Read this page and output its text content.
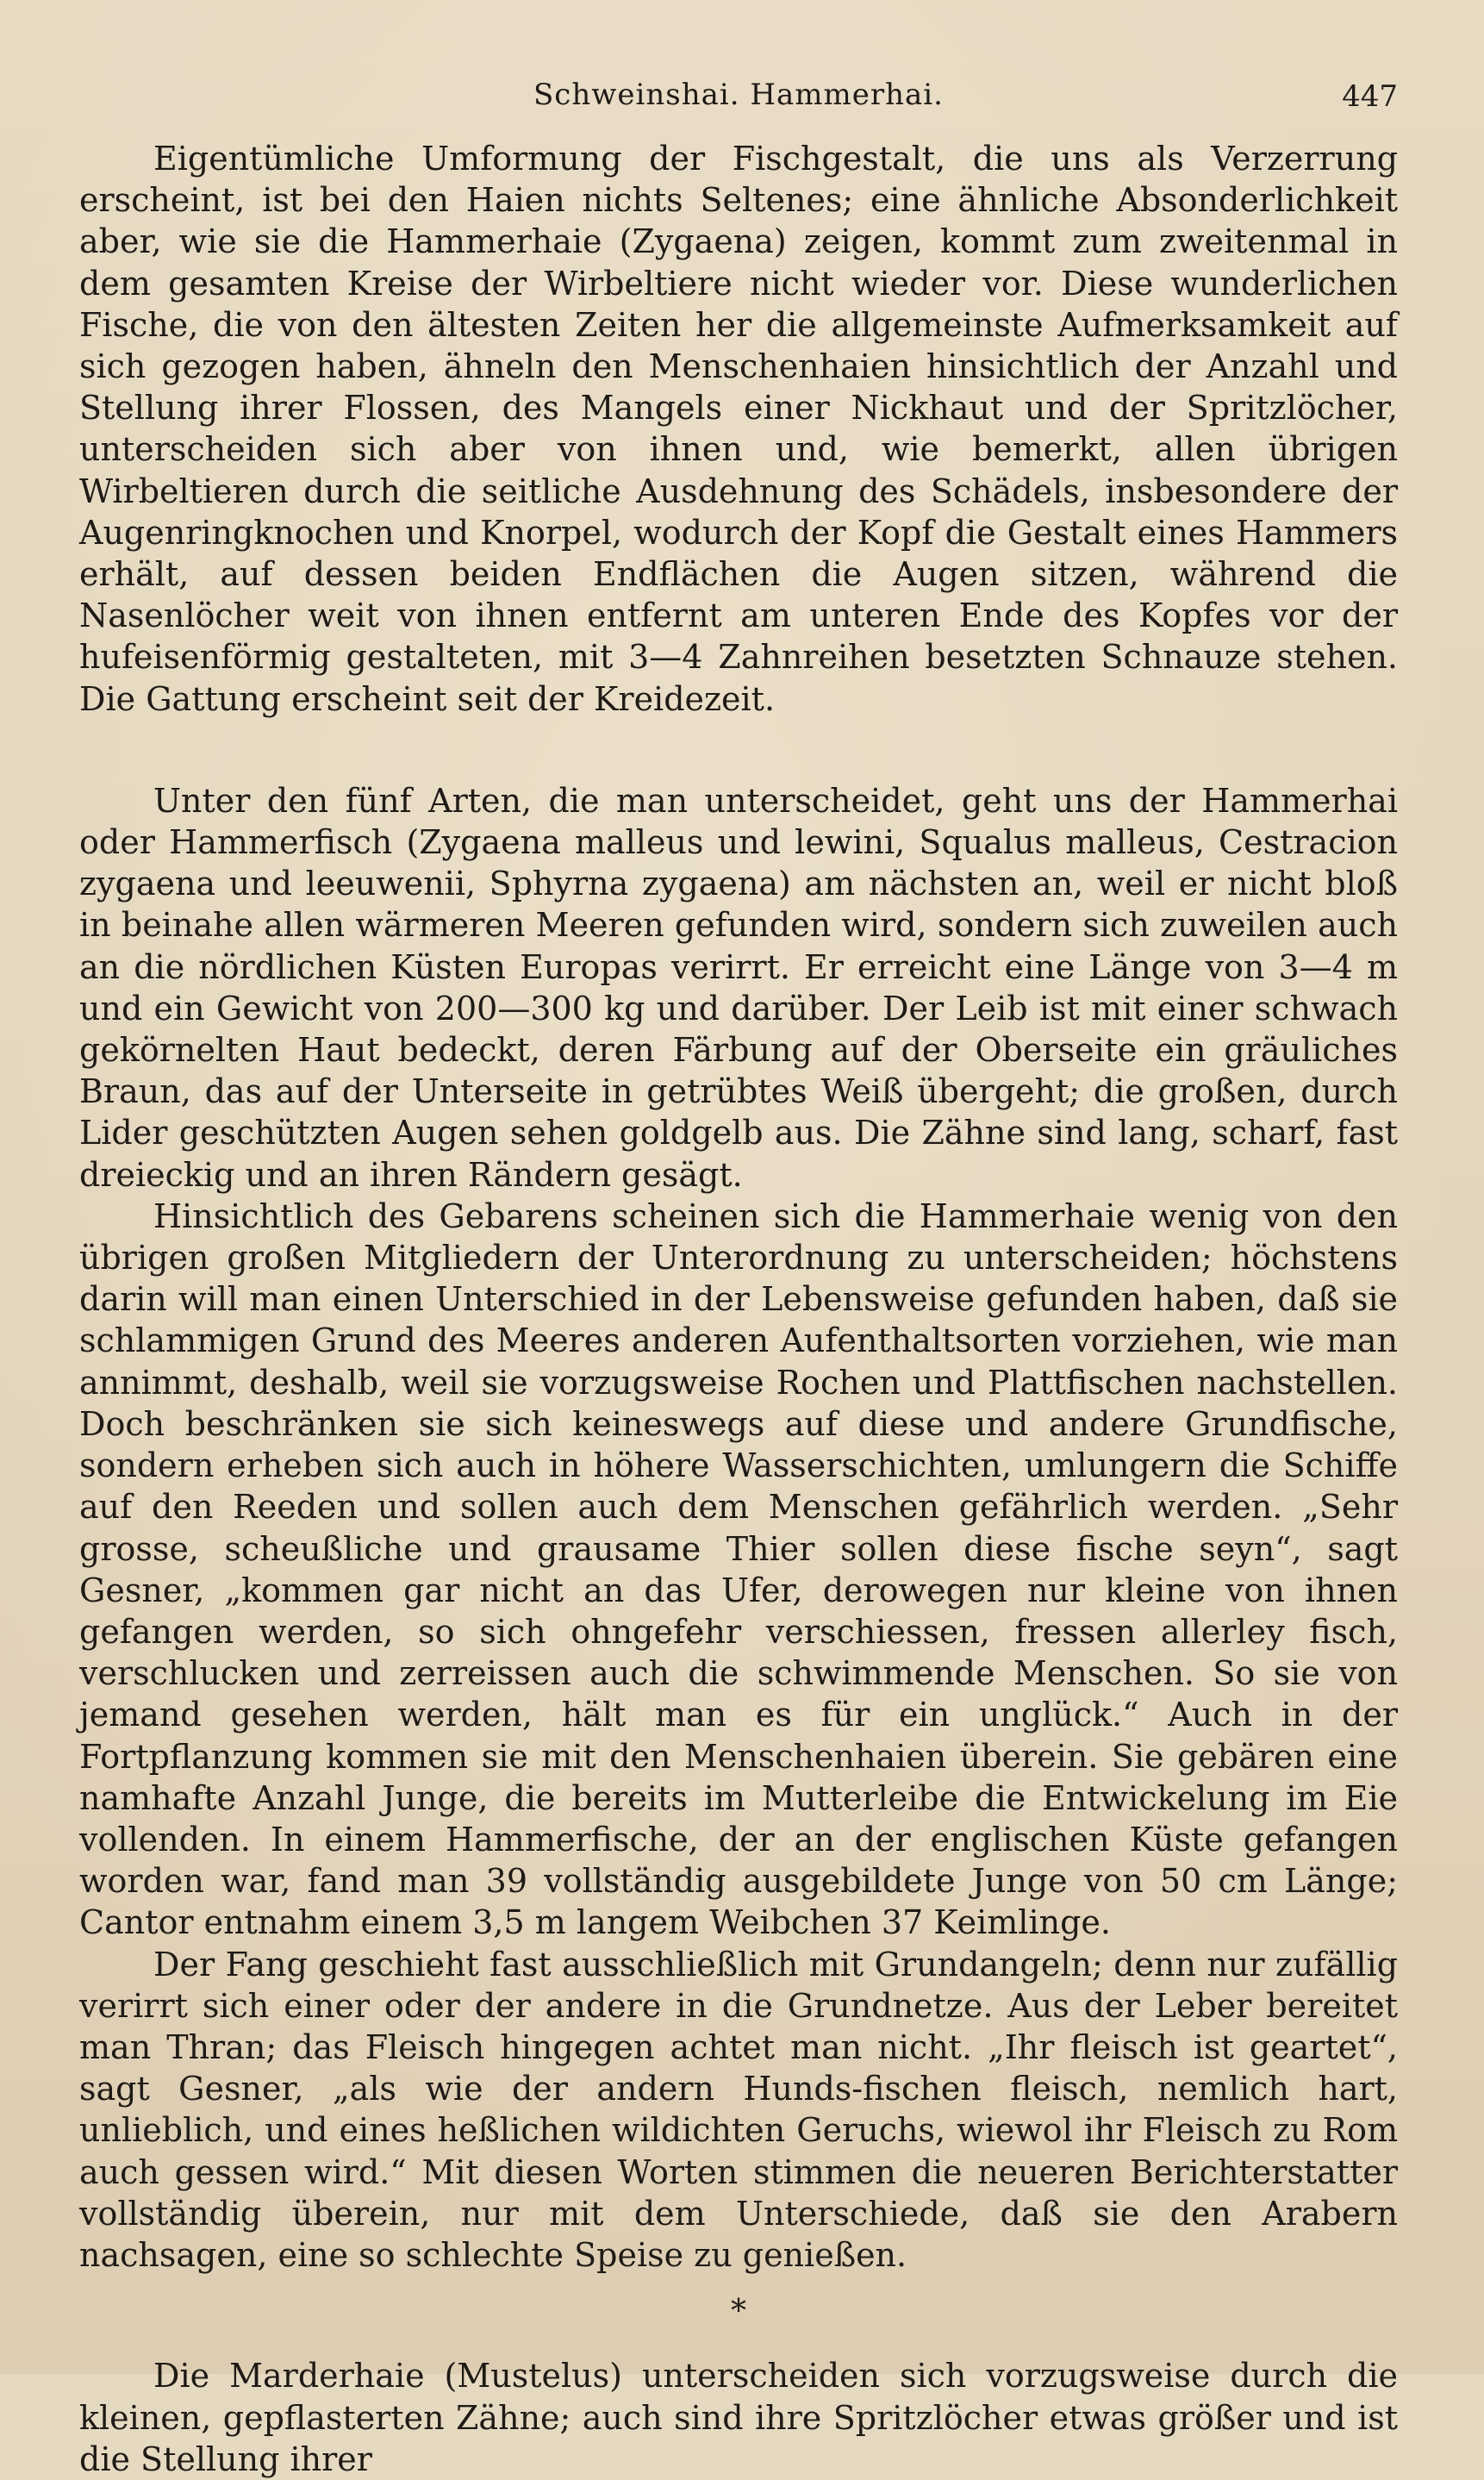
Schweinshai. Hammerhai.	447

Eigentümliche Umformung der Fischgestalt, die uns als Verzerrung erscheint, ist bei den Haien nichts Seltenes; eine ähnliche Absonderlichkeit aber, wie sie die Hammerhaie (Zygaena) zeigen, kommt zum zweitenmal in dem gesamten Kreise der Wirbeltiere nicht wieder vor. Diese wunderlichen Fische, die von den ältesten Zeiten her die allgemeinste Aufmerksamkeit auf sich gezogen haben, ähneln den Menschenhaien hinsichtlich der Anzahl und Stellung ihrer Flossen, des Mangels einer Nickhaut und der Spritzlöcher, unterscheiden sich aber von ihnen und, wie bemerkt, allen übrigen Wirbeltieren durch die seitliche Ausdehnung des Schädels, insbesondere der Augenringknochen und Knorpel, wodurch der Kopf die Gestalt eines Hammers erhält, auf dessen beiden Endflächen die Augen sitzen, während die Nasenlöcher weit von ihnen entfernt am unteren Ende des Kopfes vor der hufeisenförmig gestalteten, mit 3—4 Zahnreihen besetzten Schnauze stehen. Die Gattung erscheint seit der Kreidezeit.

Unter den fünf Arten, die man unterscheidet, geht uns der Hammerhai oder Hammerfisch (Zygaena malleus und lewini, Squalus malleus, Cestracion zygaena und leeuwenii, Sphyrna zygaena) am nächsten an, weil er nicht bloß in beinahe allen wärmeren Meeren gefunden wird, sondern sich zuweilen auch an die nördlichen Küsten Europas verirrt. Er erreicht eine Länge von 3—4 m und ein Gewicht von 200—300 kg und darüber. Der Leib ist mit einer schwach gekörnelten Haut bedeckt, deren Färbung auf der Oberseite ein gräuliches Braun, das auf der Unterseite in getrübtes Weiß übergeht; die großen, durch Lider geschützten Augen sehen goldgelb aus. Die Zähne sind lang, scharf, fast dreieckig und an ihren Rändern gesägt.

Hinsichtlich des Gebarens scheinen sich die Hammerhaie wenig von den übrigen großen Mitgliedern der Unterordnung zu unterscheiden; höchstens darin will man einen Unterschied in der Lebensweise gefunden haben, daß sie schlammigen Grund des Meeres anderen Aufenthaltsorten vorziehen, wie man annimmt, deshalb, weil sie vorzugsweise Rochen und Plattfischen nachstellen. Doch beschränken sie sich keineswegs auf diese und andere Grundfische, sondern erheben sich auch in höhere Wasserschichten, umlungern die Schiffe auf den Reeden und sollen auch dem Menschen gefährlich werden. „Sehr grosse, scheußliche und grausame Thier sollen diese fische seyn“, sagt Gesner, „kommen gar nicht an das Ufer, derowegen nur kleine von ihnen gefangen werden, so sich ohngefehr verschiessen, fressen allerley fisch, verschlucken und zerreissen auch die schwimmende Menschen. So sie von jemand gesehen werden, hält man es für ein unglück.“ Auch in der Fortpflanzung kommen sie mit den Menschenhaien überein. Sie gebären eine namhafte Anzahl Junge, die bereits im Mutterleibe die Entwickelung im Eie vollenden. In einem Hammerfische, der an der englischen Küste gefangen worden war, fand man 39 vollständig ausgebildete Junge von 50 cm Länge; Cantor entnahm einem 3,5 m langem Weibchen 37 Keimlinge.

Der Fang geschieht fast ausschließlich mit Grundangeln; denn nur zufällig verirrt sich einer oder der andere in die Grundnetze. Aus der Leber bereitet man Thran; das Fleisch hingegen achtet man nicht. „Ihr fleisch ist geartet“, sagt Gesner, „als wie der andern Hunds-fischen fleisch, nemlich hart, unlieblich, und eines heßlichen wildichten Geruchs, wiewol ihr Fleisch zu Rom auch gessen wird.“ Mit diesen Worten stimmen die neueren Berichterstatter vollständig überein, nur mit dem Unterschiede, daß sie den Arabern nachsagen, eine so schlechte Speise zu genießen.

*

Die Marderhaie (Mustelus) unterscheiden sich vorzugsweise durch die kleinen, gepflasterten Zähne; auch sind ihre Spritzlöcher etwas größer und ist die Stellung ihrer
